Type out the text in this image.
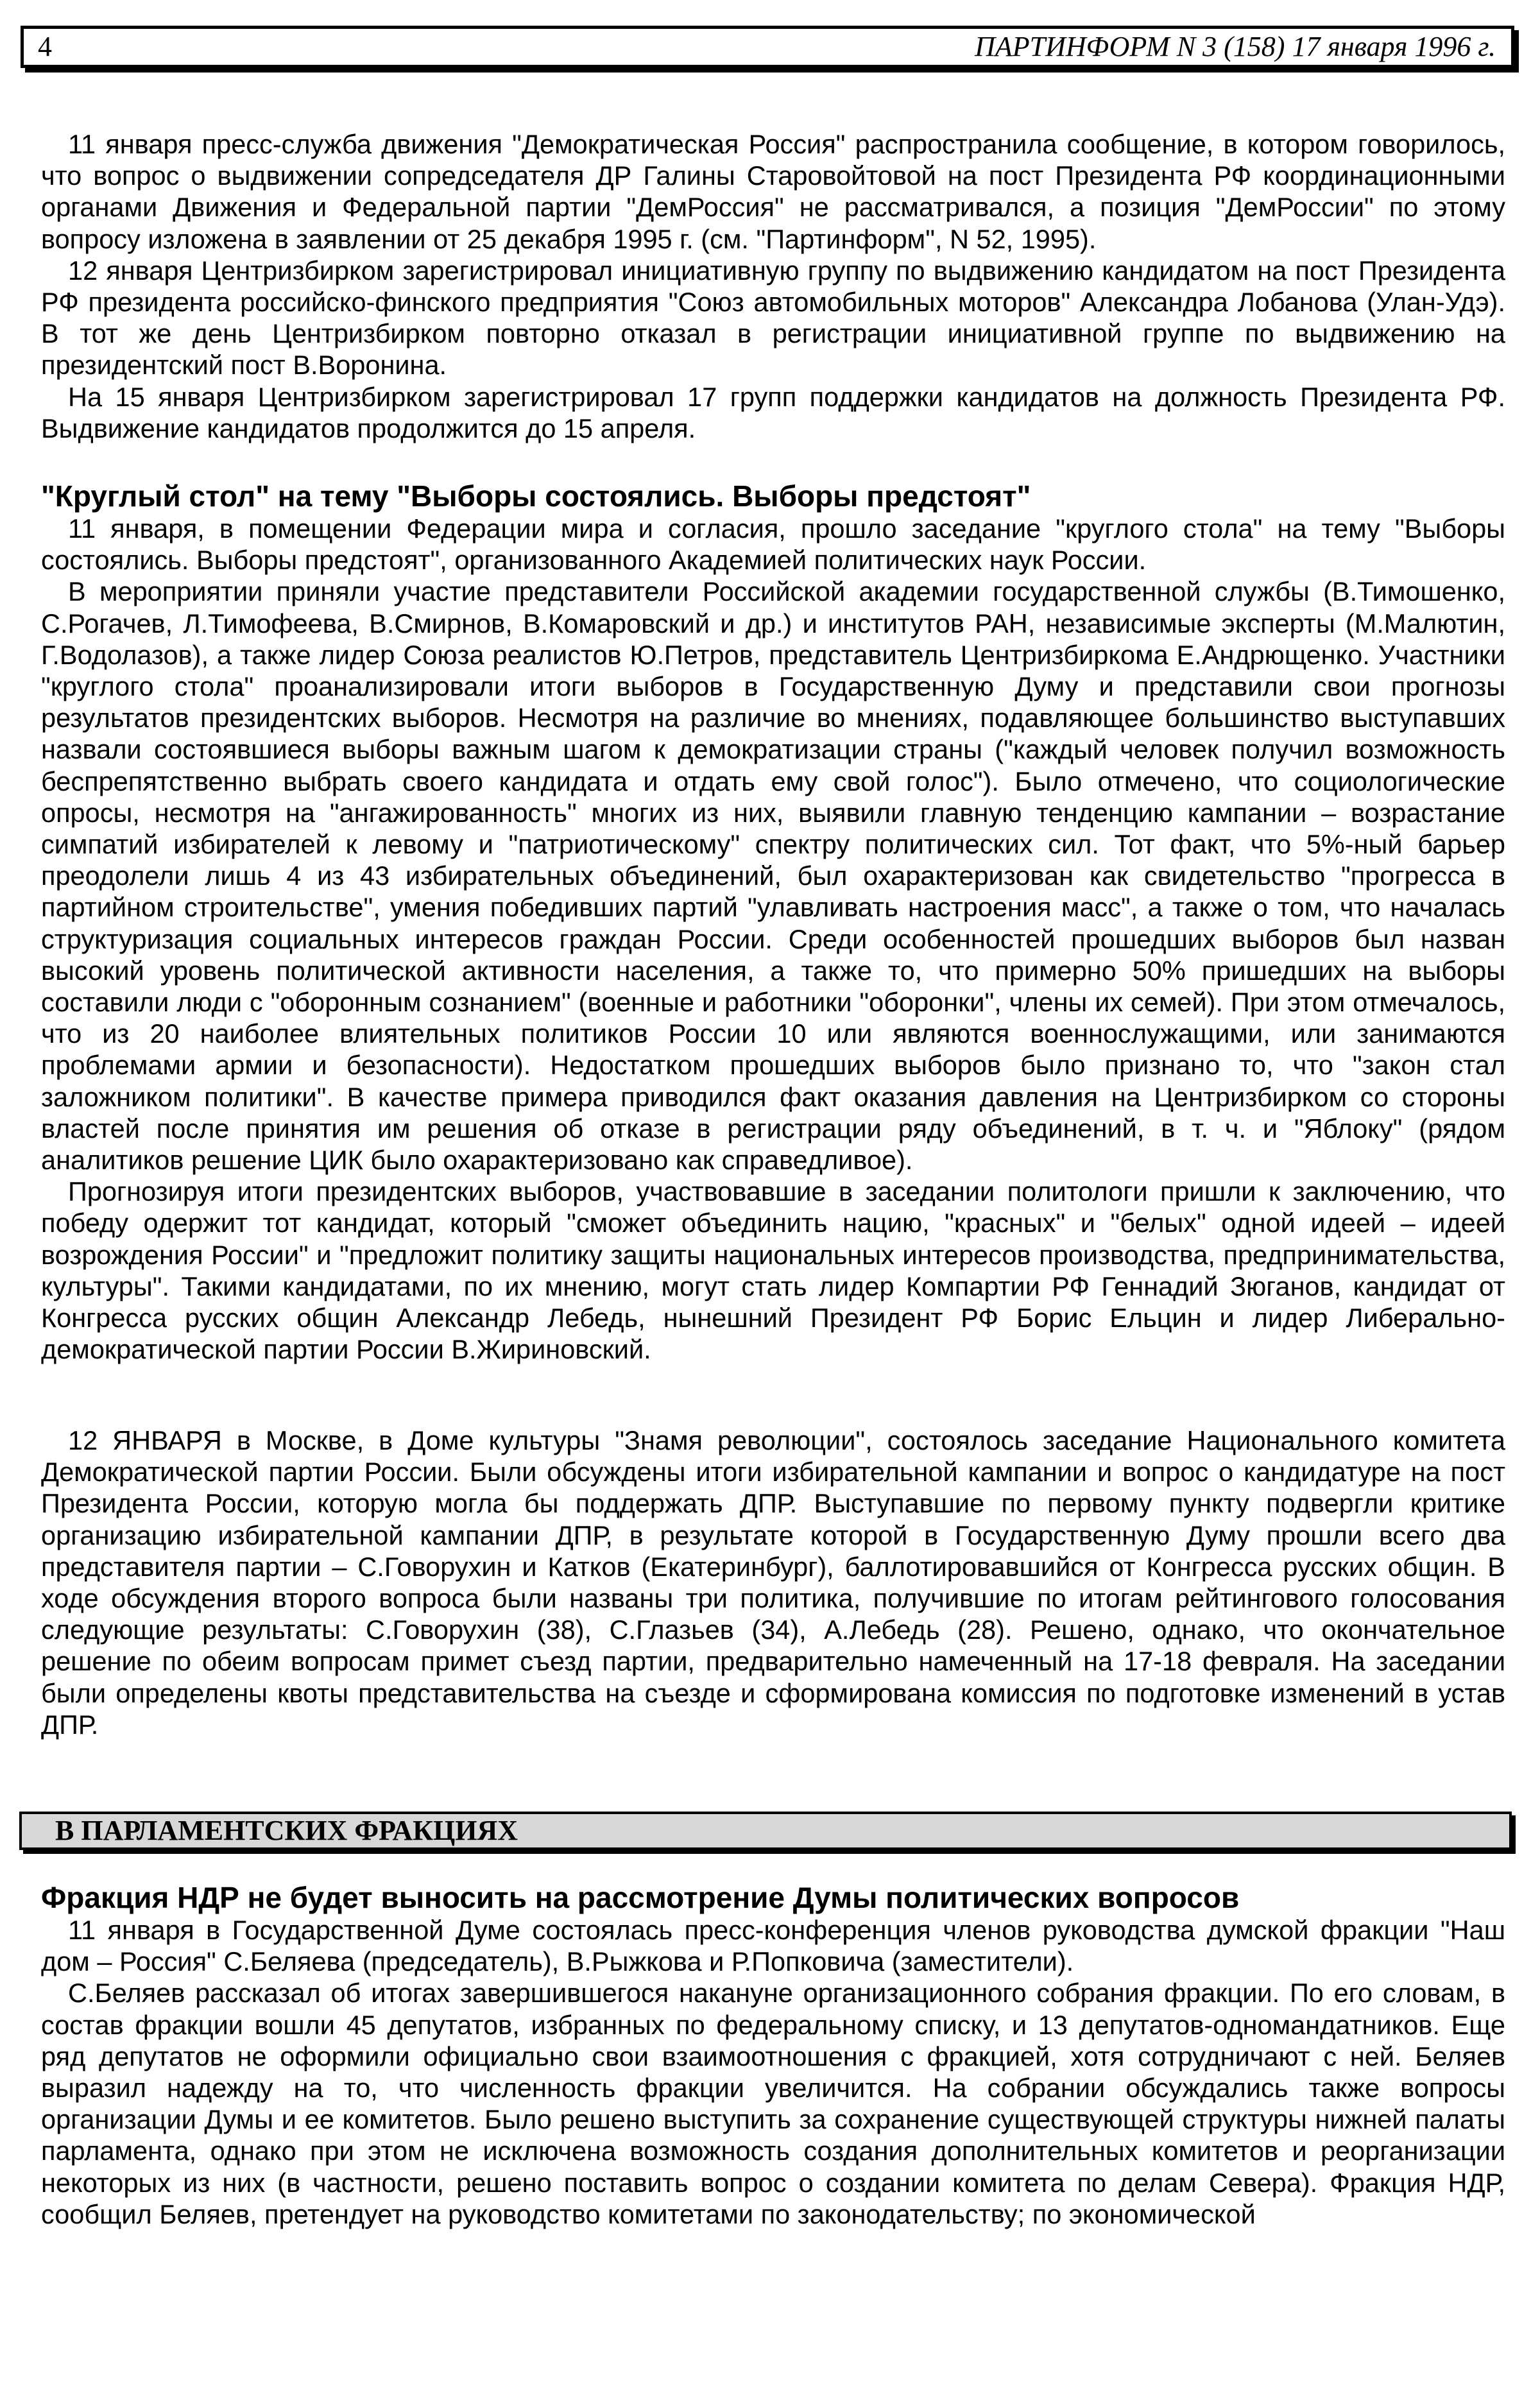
4	ПАРТИНФОРМ N 3 (158) 17 января 1996 г.

11 января пресс-служба движения "Демократическая Россия" распространила сообщение, в котором говорилось, что вопрос о выдвижении сопредседателя ДР Галины Старовойтовой на пост Президента РФ координационными органами Движения и Федеральной партии "ДемРоссия" не рассматривался, а позиция "ДемРоссии" по этому вопросу изложена в заявлении от 25 декабря 1995 г. (см. "Партинформ", N 52, 1995).

12 января Центризбирком зарегистрировал инициативную группу по выдвижению кандидатом на пост Президента РФ президента российско-финского предприятия "Союз автомобильных моторов" Александра Лобанова (Улан-Удэ). В тот же день Центризбирком повторно отказал в регистрации инициативной группе по выдвижению на президентский пост В.Воронина.

На 15 января Центризбирком зарегистрировал 17 групп поддержки кандидатов на должность Президента РФ. Выдвижение кандидатов продолжится до 15 апреля.

"Круглый стол" на тему "Выборы состоялись. Выборы предстоят"

11 января, в помещении Федерации мира и согласия, прошло заседание "круглого стола" на тему "Выборы состоялись. Выборы предстоят", организованного Академией политических наук России.

В мероприятии приняли участие представители Российской академии государственной службы (В.Тимошенко, С.Рогачев, Л.Тимофеева, В.Смирнов, В.Комаровский и др.) и институтов РАН, независимые эксперты (М.Малютин, Г.Водолазов), а также лидер Союза реалистов Ю.Петров, представитель Центризбиркома Е.Андрющенко. Участники "круглого стола" проанализировали итоги выборов в Государственную Думу и представили свои прогнозы результатов президентских выборов. Несмотря на различие во мнениях, подавляющее большинство выступавших назвали состоявшиеся выборы важным шагом к демократизации страны ("каждый человек получил возможность беспрепятственно выбрать своего кандидата и отдать ему свой голос"). Было отмечено, что социологические опросы, несмотря на "ангажированность" многих из них, выявили главную тенденцию кампании – возрастание симпатий избирателей к левому и "патриотическому" спектру политических сил. Тот факт, что 5%-ный барьер преодолели лишь 4 из 43 избирательных объединений, был охарактеризован как свидетельство "прогресса в партийном строительстве", умения победивших партий "улавливать настроения масс", а также о том, что началась структуризация социальных интересов граждан России. Среди особенностей прошедших выборов был назван высокий уровень политической активности населения, а также то, что примерно 50% пришедших на выборы составили люди с "оборонным сознанием" (военные и работники "оборонки", члены их семей). При этом отмечалось, что из 20 наиболее влиятельных политиков России 10 или являются военнослужащими, или занимаются проблемами армии и безопасности). Недостатком прошедших выборов было признано то, что "закон стал заложником политики". В качестве примера приводился факт оказания давления на Центризбирком со стороны властей после принятия им решения об отказе в регистрации ряду объединений, в т. ч. и "Яблоку" (рядом аналитиков решение ЦИК было охарактеризовано как справедливое).

Прогнозируя итоги президентских выборов, участвовавшие в заседании политологи пришли к заключению, что победу одержит тот кандидат, который "сможет объединить нацию, "красных" и "белых" одной идеей – идеей возрождения России" и "предложит политику защиты национальных интересов производства, предпринимательства, культуры". Такими кандидатами, по их мнению, могут стать лидер Компартии РФ Геннадий Зюганов, кандидат от Конгресса русских общин Александр Лебедь, нынешний Президент РФ Борис Ельцин и лидер Либерально-демократической партии России В.Жириновский.

12 ЯНВАРЯ в Москве, в Доме культуры "Знамя революции", состоялось заседание Национального комитета Демократической партии России. Были обсуждены итоги избирательной кампании и вопрос о кандидатуре на пост Президента России, которую могла бы поддержать ДПР. Выступавшие по первому пункту подвергли критике организацию избирательной кампании ДПР, в результате которой в Государственную Думу прошли всего два представителя партии – С.Говорухин и Катков (Екатеринбург), баллотировавшийся от Конгресса русских общин. В ходе обсуждения второго вопроса были названы три политика, получившие по итогам рейтингового голосования следующие результаты: С.Говорухин (38), С.Глазьев (34), А.Лебедь (28). Решено, однако, что окончательное решение по обеим вопросам примет съезд партии, предварительно намеченный на 17-18 февраля. На заседании были определены квоты представительства на съезде и сформирована комиссия по подготовке изменений в устав ДПР.

В ПАРЛАМЕНТСКИХ ФРАКЦИЯХ
Фракция НДР не будет выносить на рассмотрение Думы политических вопросов

11 января в Государственной Думе состоялась пресс-конференция членов руководства думской фракции "Наш дом – Россия" С.Беляева (председатель), В.Рыжкова и Р.Попковича (заместители).

С.Беляев рассказал об итогах завершившегося накануне организационного собрания фракции. По его словам, в состав фракции вошли 45 депутатов, избранных по федеральному списку, и 13 депутатов-одномандатников. Еще ряд депутатов не оформили официально свои взаимоотношения с фракцией, хотя сотрудничают с ней. Беляев выразил надежду на то, что численность фракции увеличится. На собрании обсуждались также вопросы организации Думы и ее комитетов. Было решено выступить за сохранение существующей структуры нижней палаты парламента, однако при этом не исключена возможность создания дополнительных комитетов и реорганизации некоторых из них (в частности, решено поставить вопрос о создании комитета по делам Севера). Фракция НДР, сообщил Беляев, претендует на руководство комитетами по законодательству; по экономической
